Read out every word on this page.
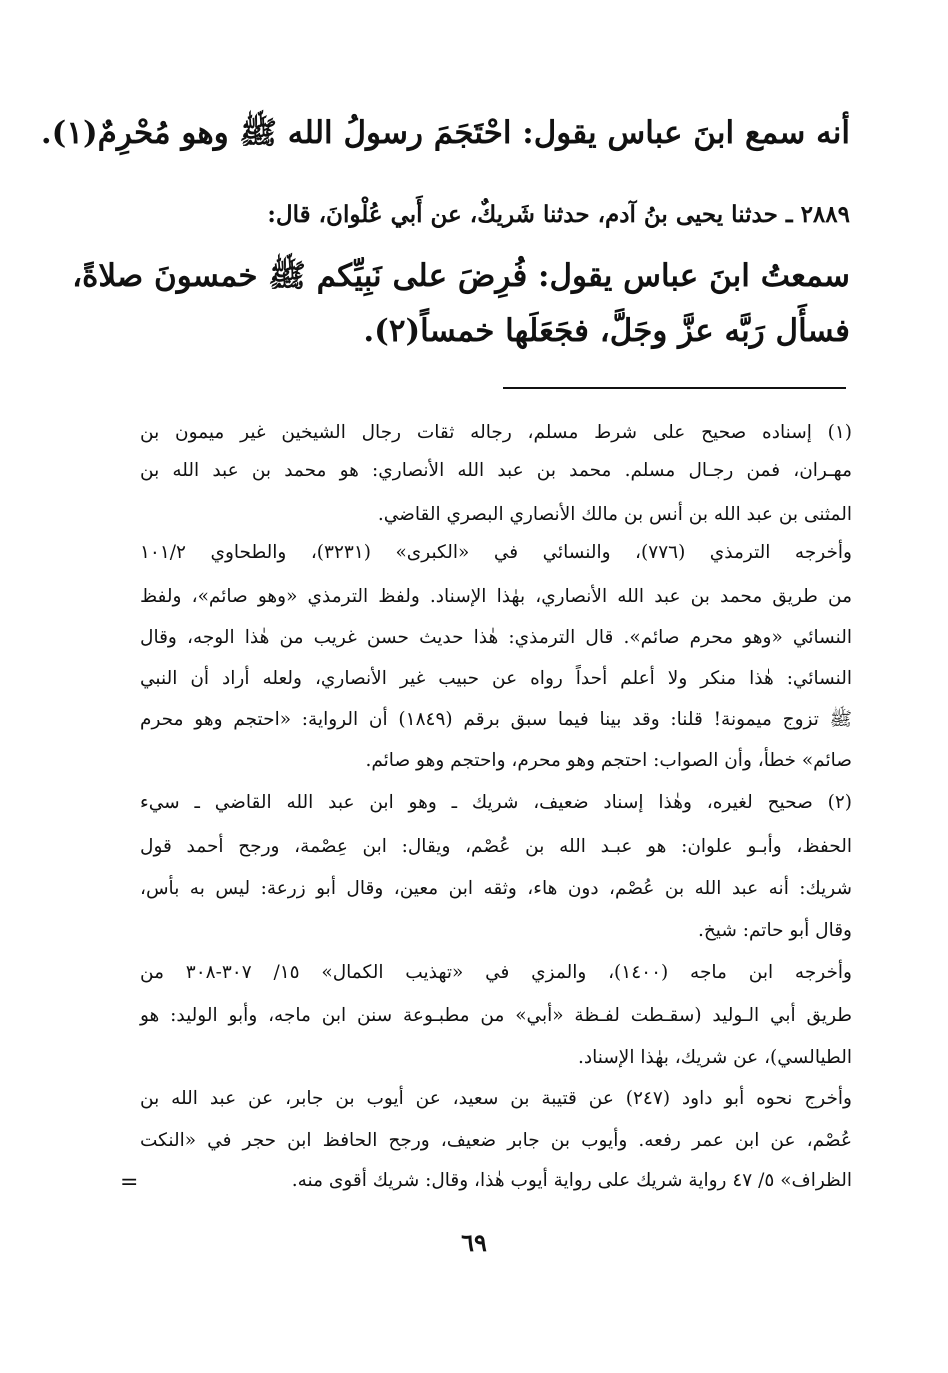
أنه سمع ابنَ عباس يقول: احْتَجَمَ رسولُ الله ﷺ وهو مُحْرِمٌ(١).
٢٨٨٩ ـ حدثنا يحيى بنُ آدم، حدثنا شَريكٌ، عن أَبي عُلْوانَ، قال:
سمعتُ ابنَ عباس يقول: فُرِضَ على نَبِيِّكم ﷺ خمسونَ صلاةً،
فسأَل رَبَّه عزَّ وجَلَّ، فجَعَلَها خمساً(٢).
(١) إسناده صحيح على شرط مسلم، رجاله ثقات رجال الشيخين غير ميمون بن
مهـران، فمن رجـال مسلم. محمد بن عبد الله الأنصاري: هو محمد بن عبد الله بن
المثنى بن عبد الله بن أنس بن مالك الأنصاري البصري القاضي.
وأخرجه الترمذي (٧٧٦)، والنسائي في «الكبرى» (٣٢٣١)، والطحاوي ١٠١/٢
من طريق محمد بن عبد الله الأنصاري، بهٰذا الإسناد. ولفظ الترمذي «وهو صائم»، ولفظ
النسائي «وهو محرم صائم». قال الترمذي: هٰذا حديث حسن غريب من هٰذا الوجه، وقال
النسائي: هٰذا منكر ولا أعلم أحداً رواه عن حبيب غير الأنصاري، ولعله أراد أن النبي
ﷺ تزوج ميمونة! قلنا: وقد بينا فيما سبق برقم (١٨٤٩) أن الرواية: «احتجم وهو محرم
صائم» خطأ، وأن الصواب: احتجم وهو محرم، واحتجم وهو صائم.
(٢) صحيح لغيره، وهٰذا إسناد ضعيف، شريك ـ وهو ابن عبد الله القاضي ـ سيء
الحفظ، وأبـو علوان: هو عبـد الله بن عُصْم، ويقال: ابن عِصْمة، ورجح أحمد قول
شريك: أنه عبد الله بن عُصْم، دون هاء، وثقه ابن معين، وقال أبو زرعة: ليس به بأس،
وقال أبو حاتم: شيخ.
وأخرجه ابن ماجه (١٤٠٠)، والمزي في «تهذيب الكمال» ١٥/ ٣٠٧-٣٠٨ من
طريق أبي الـوليد (سقـطت لفـظة «أبي» من مطبـوعة سنن ابن ماجه، وأبو الوليد: هو
الطيالسي)، عن شريك، بهٰذا الإسناد.
وأخرج نحوه أبو داود (٢٤٧) عن قتيبة بن سعيد، عن أيوب بن جابر، عن عبد الله بن
عُصْم، عن ابن عمر رفعه. وأيوب بن جابر ضعيف، ورجح الحافظ ابن حجر في «النكت
الظراف» ٥/ ٤٧ رواية شريك على رواية أيوب هٰذا، وقال: شريك أقوى منه.
=
٦٩
